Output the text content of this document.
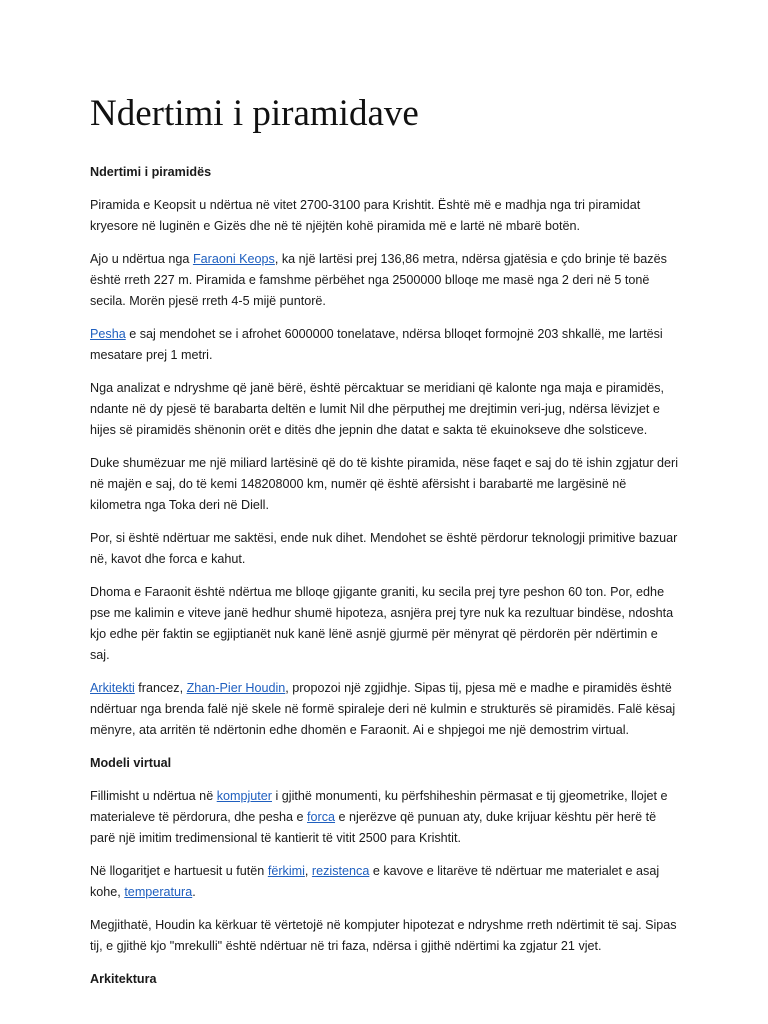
Ndertimi i piramidave
Ndertimi i piramidës

Piramida e Keopsit u ndërtua në vitet 2700-3100 para Krishtit. Është më e madhja nga tri piramidat kryesore në luginën e Gizës dhe në të njëjtën kohë piramida më e lartë në mbarë botën.

Ajo u ndërtua nga Faraoni Keops, ka një lartësi prej 136,86 metra, ndërsa gjatësia e çdo brinje të bazës është rreth 227 m. Piramida e famshme përbëhet nga 2500000 blloqe me masë nga 2 deri në 5 tonë secila. Morën pjesë rreth 4-5 mijë puntorë.

Pesha e saj mendohet se i afrohet 6000000 tonelatave, ndërsa blloqet formojnë 203 shkallë, me lartësi mesatare prej 1 metri.

Nga analizat e ndryshme që janë bërë, është përcaktuar se meridiani që kalonte nga maja e piramidës, ndante në dy pjesë të barabarta deltën e lumit Nil dhe përputhej me drejtimin veri-jug, ndërsa lëvizjet e hijes së piramidës shënonin orët e ditës dhe jepnin dhe datat e sakta të ekuinokseve dhe solsticeve.

Duke shumëzuar me një miliard lartësinë që do të kishte piramida, nëse faqet e saj do të ishin zgjatur deri në majën e saj, do të kemi 148208000 km, numër që është afërsisht i barabartë me largësinë në kilometra nga Toka deri në Diell.

Por, si është ndërtuar me saktësi, ende nuk dihet. Mendohet se është përdorur teknologji primitive bazuar në, kavot dhe forca e kahut.

Dhoma e Faraonit është ndërtua me blloqe gjigante graniti, ku secila prej tyre peshon 60 ton. Por, edhe pse me kalimin e viteve janë hedhur shumë hipoteza, asnjëra prej tyre nuk ka rezultuar bindëse, ndoshta kjo edhe për faktin se egjiptianët nuk kanë lënë asnjë gjurmë për mënyrat që përdorën për ndërtimin e saj.

Arkitekti francez, Zhan-Pier Houdin, propozoi një zgjidhje. Sipas tij, pjesa më e madhe e piramidës është ndërtuar nga brenda falë një skele në formë spiraleje deri në kulmin e strukturës së piramidës. Falë kësaj mënyre, ata arritën të ndërtonin edhe dhomën e Faraonit. Ai e shpjegoi me një demostrim virtual.

Modeli virtual

Fillimisht u ndërtua në kompjuter i gjithë monumenti, ku përfshiheshin përmasat e tij gjeometrike, llojet e materialeve të përdorura, dhe pesha e forca e njerëzve që punuan aty, duke krijuar kështu për herë të parë një imitim tredimensional të kantierit të vitit 2500 para Krishtit.

Në llogaritjet e hartuesit u futën fërkimi, rezistenca e kavove e litarëve të ndërtuar me materialet e asaj kohe, temperatura.

Megjithatë, Houdin ka kërkuar të vërtetojë në kompjuter hipotezat e ndryshme rreth ndërtimit të saj. Sipas tij, e gjithë kjo "mrekulli" është ndërtuar në tri faza, ndërsa i gjithë ndërtimi ka zgjatur 21 vjet.

Arkitektura
